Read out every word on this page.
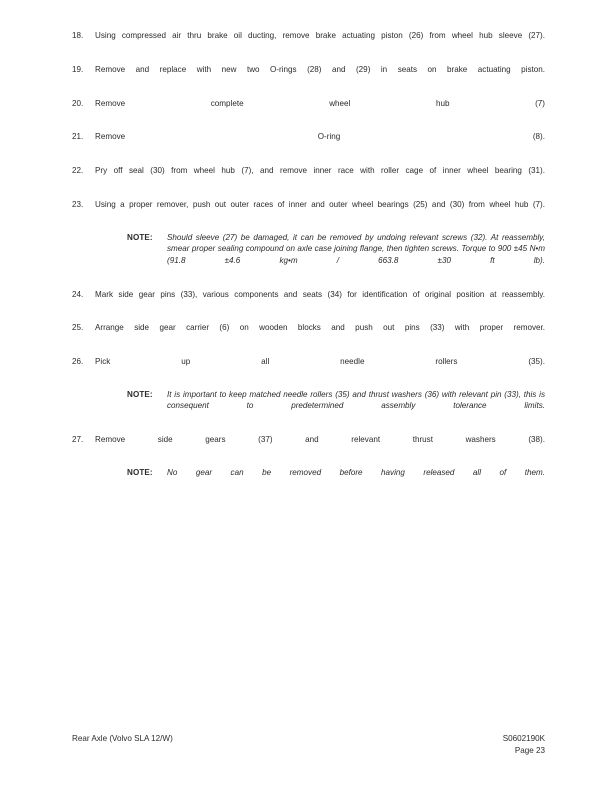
18.	Using compressed air thru brake oil ducting, remove brake actuating piston (26) from wheel hub sleeve (27).
19.	Remove and replace with new two O-rings (28) and (29) in seats on brake actuating piston.
20.	Remove complete wheel hub (7)
21.	Remove O-ring (8).
22.	Pry off seal (30) from wheel hub (7), and remove inner race with roller cage of inner wheel bearing (31).
23.	Using a proper remover, push out outer races of inner and outer wheel bearings (25) and (30) from wheel hub (7).
NOTE: Should sleeve (27) be damaged, it can be removed by undoing relevant screws (32). At reassembly, smear proper sealing compound on axle case joining flange, then tighten screws. Torque to 900 ±45 N•m (91.8 ±4.6 kg•m / 663.8 ±30 ft lb).
24.	Mark side gear pins (33), various components and seats (34) for identification of original position at reassembly.
25.	Arrange side gear carrier (6) on wooden blocks and push out pins (33) with proper remover.
26.	Pick up all needle rollers (35).
NOTE: It is important to keep matched needle rollers (35) and thrust washers (36) with relevant pin (33), this is consequent to predetermined assembly tolerance limits.
27.	Remove side gears (37) and relevant thrust washers (38).
NOTE: No gear can be removed before having released all of them.
Rear Axle (Volvo SLA 12/W)	S0602190K
Page 23
